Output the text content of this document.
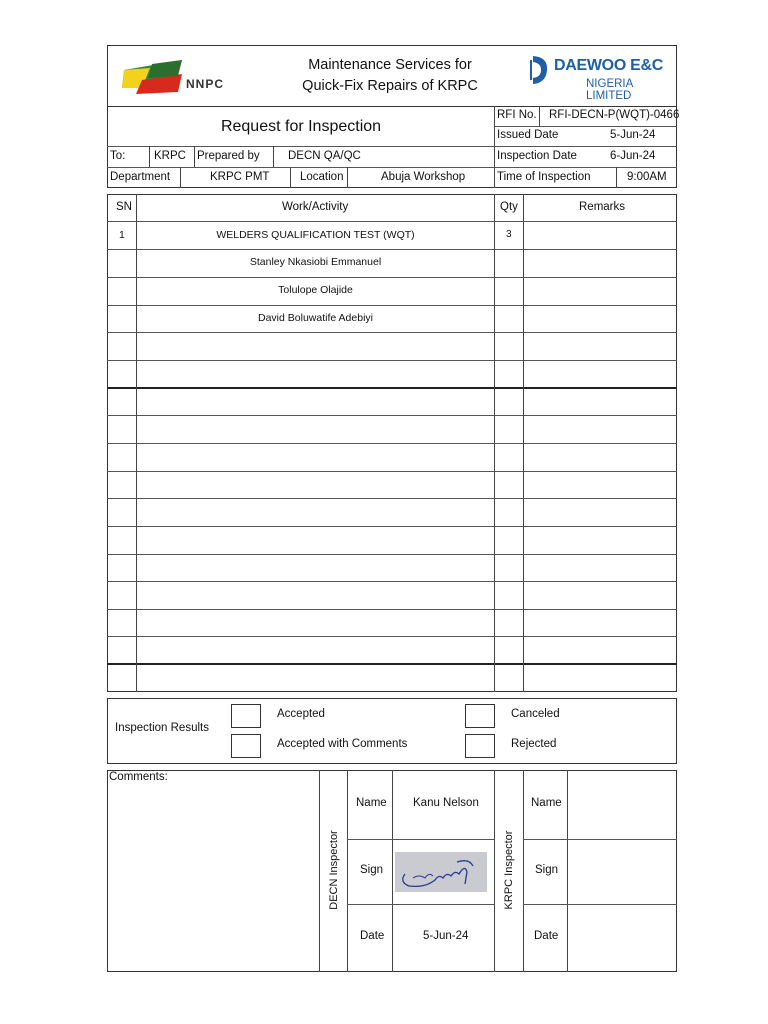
NNPC
Maintenance Services for
Quick-Fix Repairs of KRPC
DAEWOO E&C
NIGERIA LIMITED
Request for Inspection
RFI No. RFI-DECN-P(WQT)-0466
Issued Date	5-Jun-24
To: KRPC Prepared by DECN QA/QC	Inspection Date	6-Jun-24
Department	KRPC PMT	Location	Abuja Workshop	Time of Inspection	9:00AM
SN	Work/Activity	Qty	Remarks
1	WELDERS QUALIFICATION TEST (WQT)	3
Stanley Nkasiobi Emmanuel
Tolulope Olajide
David Boluwatife Adebiyi
Inspection Results
Accepted
Accepted with Comments
Canceled
Rejected
Comments:
DECN Inspector	KRPC Inspector
Name Kanu Nelson
Sign
Date	5-Jun-24
Name
Sign
Date
